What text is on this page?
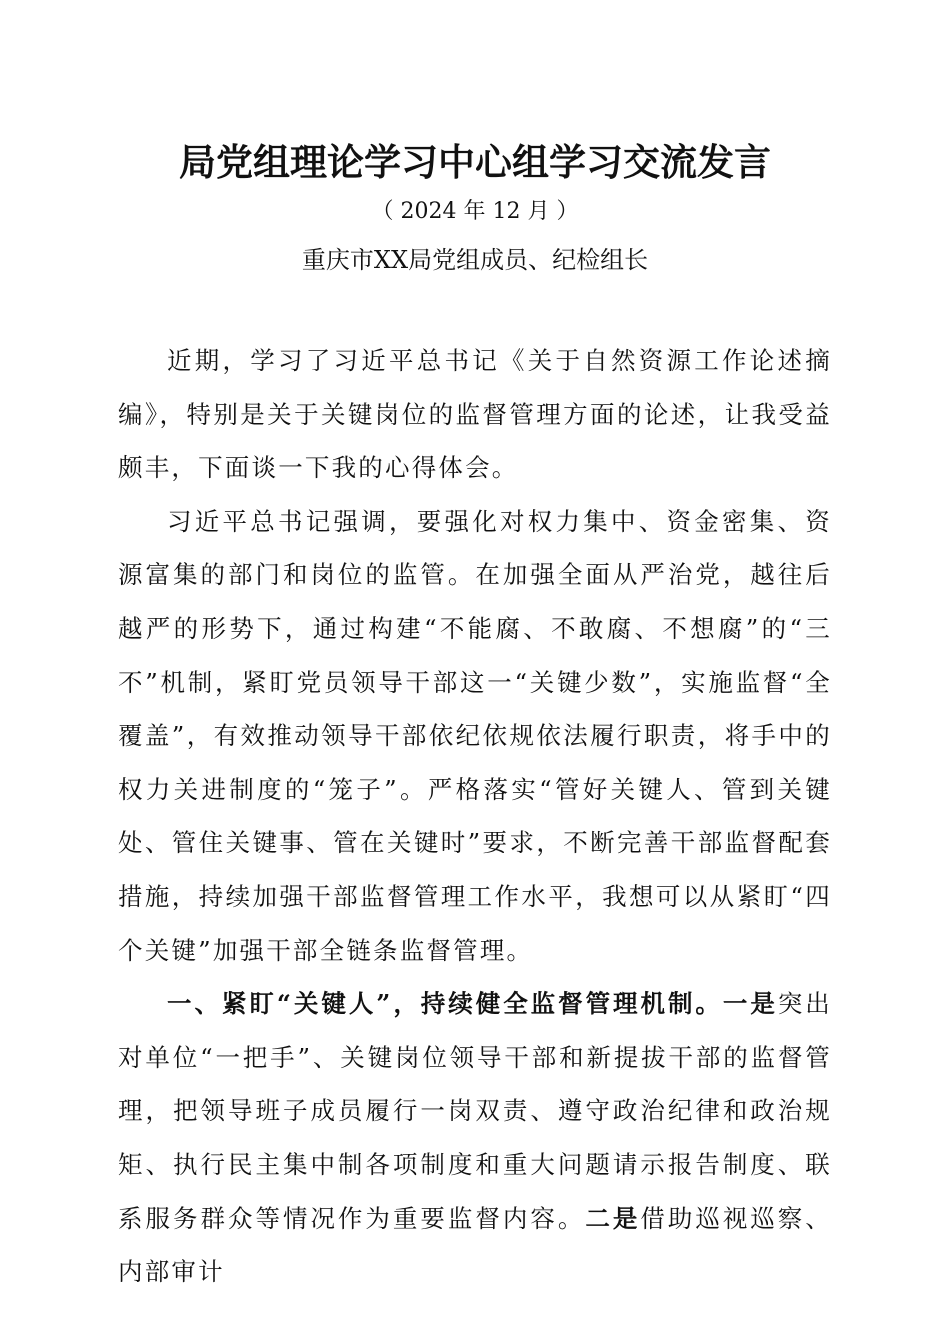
局党组理论学习中心组学习交流发言
（ 2024 年 12 月 ）
重庆市XX局党组成员、纪检组长

近期，学习了习近平总书记《关于自然资源工作论述摘编》，特别是关于关键岗位的监督管理方面的论述，让我受益颇丰，下面谈一下我的心得体会。

习近平总书记强调，要强化对权力集中、资金密集、资源富集的部门和岗位的监管。在加强全面从严治党，越往后越严的形势下，通过构建“不能腐、不敢腐、不想腐”的“三不”机制，紧盯党员领导干部这一“关键少数”，实施监督“全覆盖”，有效推动领导干部依纪依规依法履行职责，将手中的权力关进制度的“笼子”。严格落实“管好关键人、管到关键处、管住关键事、管在关键时”要求，不断完善干部监督配套措施，持续加强干部监督管理工作水平，我想可以从紧盯“四个关键”加强干部全链条监督管理。

一、紧盯“关键人”，持续健全监督管理机制。一是突出对单位“一把手”、关键岗位领导干部和新提拔干部的监督管理，把领导班子成员履行一岗双责、遵守政治纪律和政治规矩、执行民主集中制各项制度和重大问题请示报告制度、联系服务群众等情况作为重要监督内容。二是借助巡视巡察、内部审计
